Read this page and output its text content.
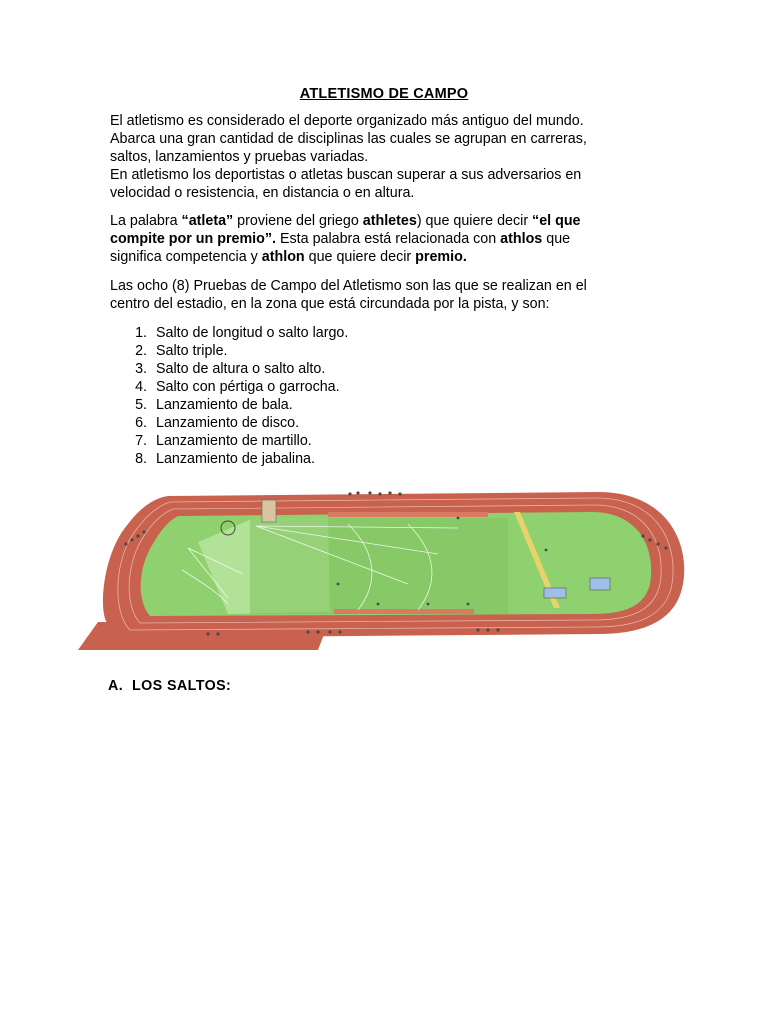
ATLETISMO DE CAMPO
El atletismo es considerado el deporte organizado más antiguo del mundo.
Abarca una gran cantidad de disciplinas las cuales se agrupan en carreras,
saltos, lanzamientos y pruebas variadas.
En atletismo los deportistas o atletas buscan superar a sus adversarios en
velocidad o resistencia, en distancia o en altura.
La palabra “atleta” proviene del griego athletes) que quiere decir “el que
compite por un premio”. Esta palabra está relacionada con athlos que
significa competencia y athlon que quiere decir premio.
Las ocho (8) Pruebas de Campo del Atletismo son las que se realizan en el
centro del estadio, en la zona que está circundada por la pista, y son:
1. Salto de longitud o salto largo.
2. Salto triple.
3. Salto de altura o salto alto.
4. Salto con pértiga o garrocha.
5. Lanzamiento de bala.
6. Lanzamiento de disco.
7. Lanzamiento de martillo.
8. Lanzamiento de jabalina.
A. LOS SALTOS:
